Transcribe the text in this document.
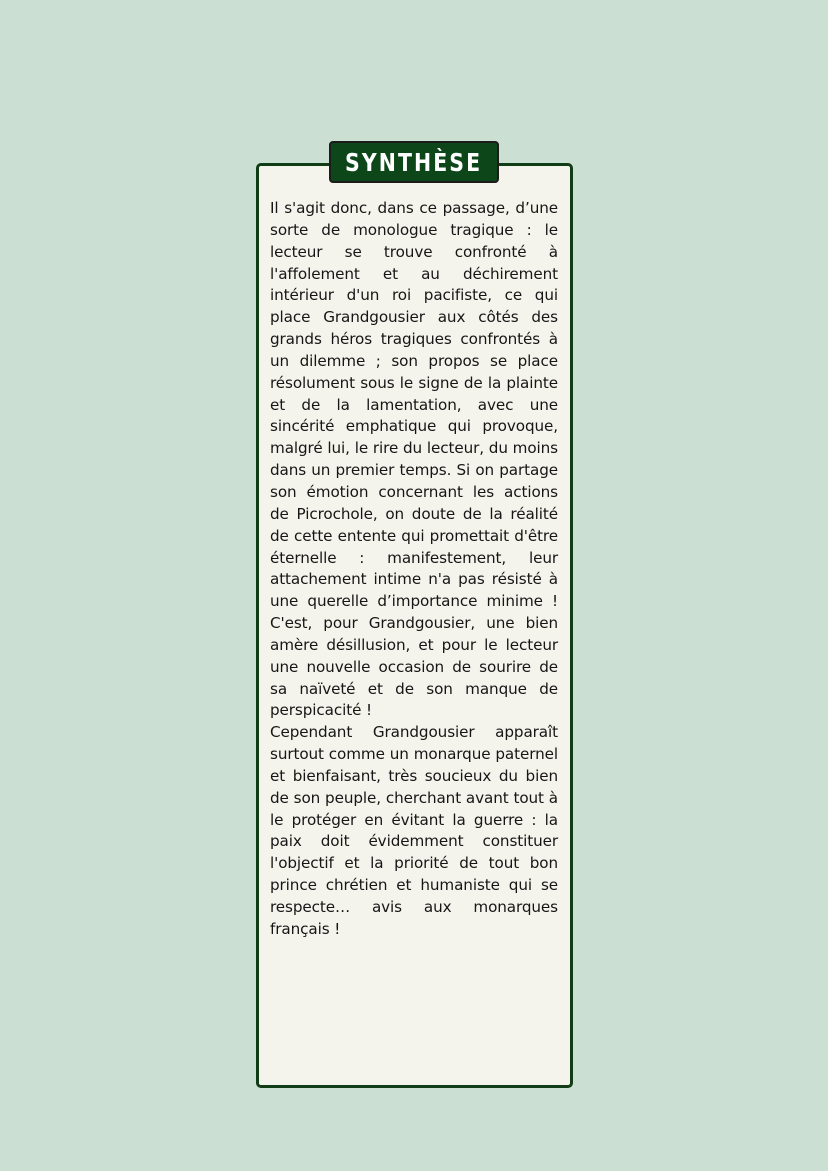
SYNTHÈSE

Il s'agit donc, dans ce passage, d’une sorte de monologue tragique : le lecteur se trouve confronté à l'affolement et au déchirement intérieur d'un roi pacifiste, ce qui place Grandgousier aux côtés des grands héros tragiques confrontés à un dilemme ; son propos se place résolument sous le signe de la plainte et de la lamentation, avec une sincérité emphatique qui provoque, malgré lui, le rire du lecteur, du moins dans un premier temps. Si on partage son émotion concernant les actions de Picrochole, on doute de la réalité de cette entente qui promettait d'être éternelle : manifestement, leur attachement intime n'a pas résisté à une querelle d’importance minime ! C'est, pour Grandgousier, une bien amère désillusion, et pour le lecteur une nouvelle occasion de sourire de sa naïveté et de son manque de perspicacité !

Cependant Grandgousier apparaît surtout comme un monarque paternel et bienfaisant, très soucieux du bien de son peuple, cherchant avant tout à le protéger en évitant la guerre : la paix doit évidemment constituer l'objectif et la priorité de tout bon prince chrétien et humaniste qui se respecte… avis aux monarques français !
